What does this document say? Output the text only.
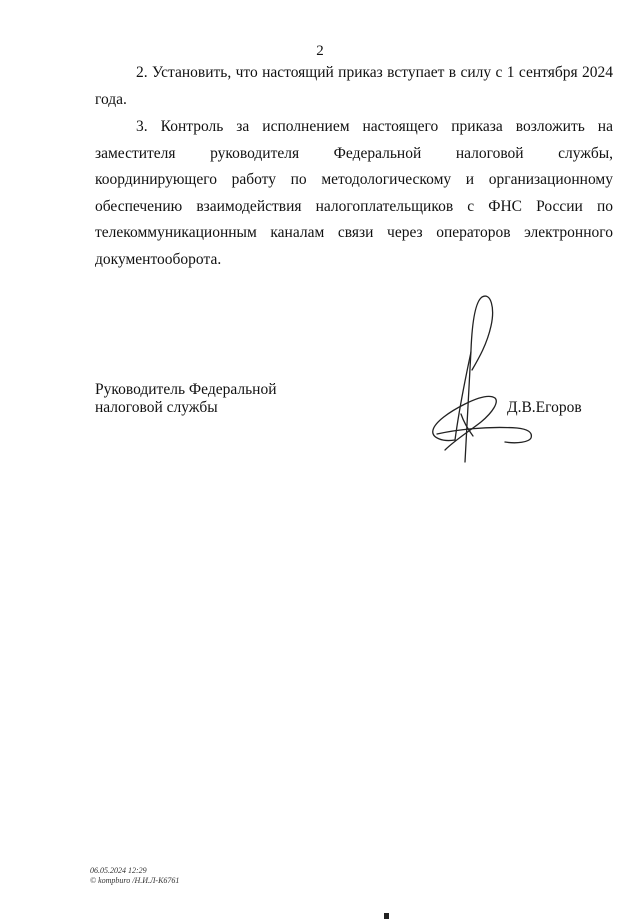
2

2. Установить, что настоящий приказ вступает в силу с 1 сентября 2024 года.

3. Контроль за исполнением настоящего приказа возложить на заместителя руководителя Федеральной налоговой службы, координирующего работу по методологическому и организационному обеспечению взаимодействия налогоплательщиков с ФНС России по телекоммуникационным каналам связи через операторов электронного документооборота.

Руководитель Федеральной
налоговой службы	Д.В.Егоров
06.05.2024 12:29
© kompburo /Н.И.Л-К6761
